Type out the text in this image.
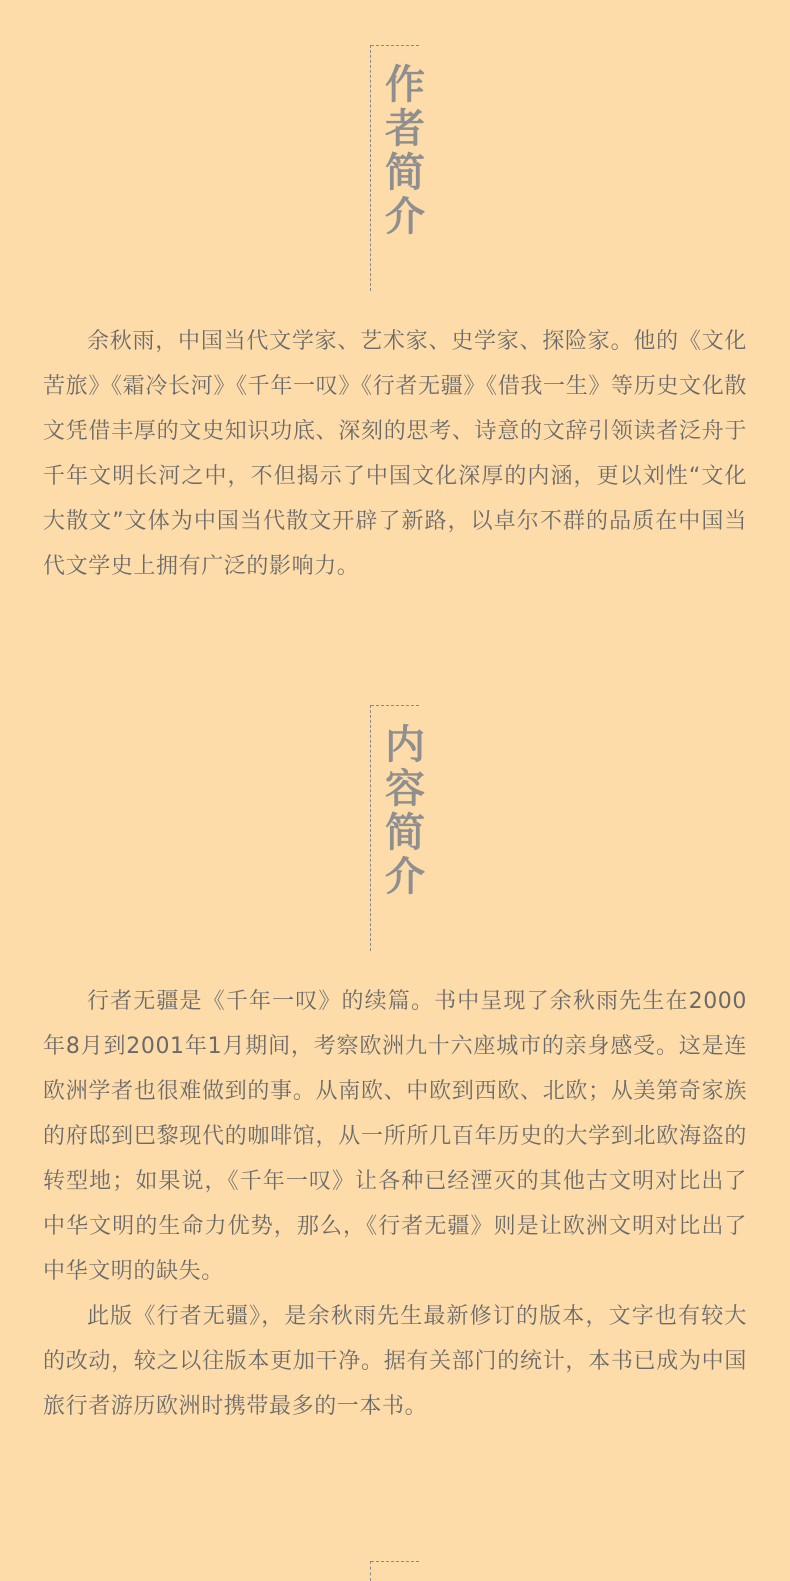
作者简介

余秋雨，中国当代文学家、艺术家、史学家、探险家。他的《文化苦旅》《霜冷长河》《千年一叹》《行者无疆》《借我一生》等历史文化散文凭借丰厚的文史知识功底、深刻的思考、诗意的文辞引领读者泛舟于千年文明长河之中，不但揭示了中国文化深厚的内涵，更以刘性“文化大散文”文体为中国当代散文开辟了新路，以卓尔不群的品质在中国当代文学史上拥有广泛的影响力。

内容简介

行者无疆是《千年一叹》的续篇。书中呈现了余秋雨先生在2000年8月到2001年1月期间，考察欧洲九十六座城市的亲身感受。这是连欧洲学者也很难做到的事。从南欧、中欧到西欧、北欧；从美第奇家族的府邸到巴黎现代的咖啡馆，从一所所几百年历史的大学到北欧海盗的转型地；如果说，《千年一叹》让各种已经湮灭的其他古文明对比出了中华文明的生命力优势，那么，《行者无疆》则是让欧洲文明对比出了中华文明的缺失。

此版《行者无疆》，是余秋雨先生最新修订的版本，文字也有较大的改动，较之以往版本更加干净。据有关部门的统计，本书已成为中国旅行者游历欧洲时携带最多的一本书。
